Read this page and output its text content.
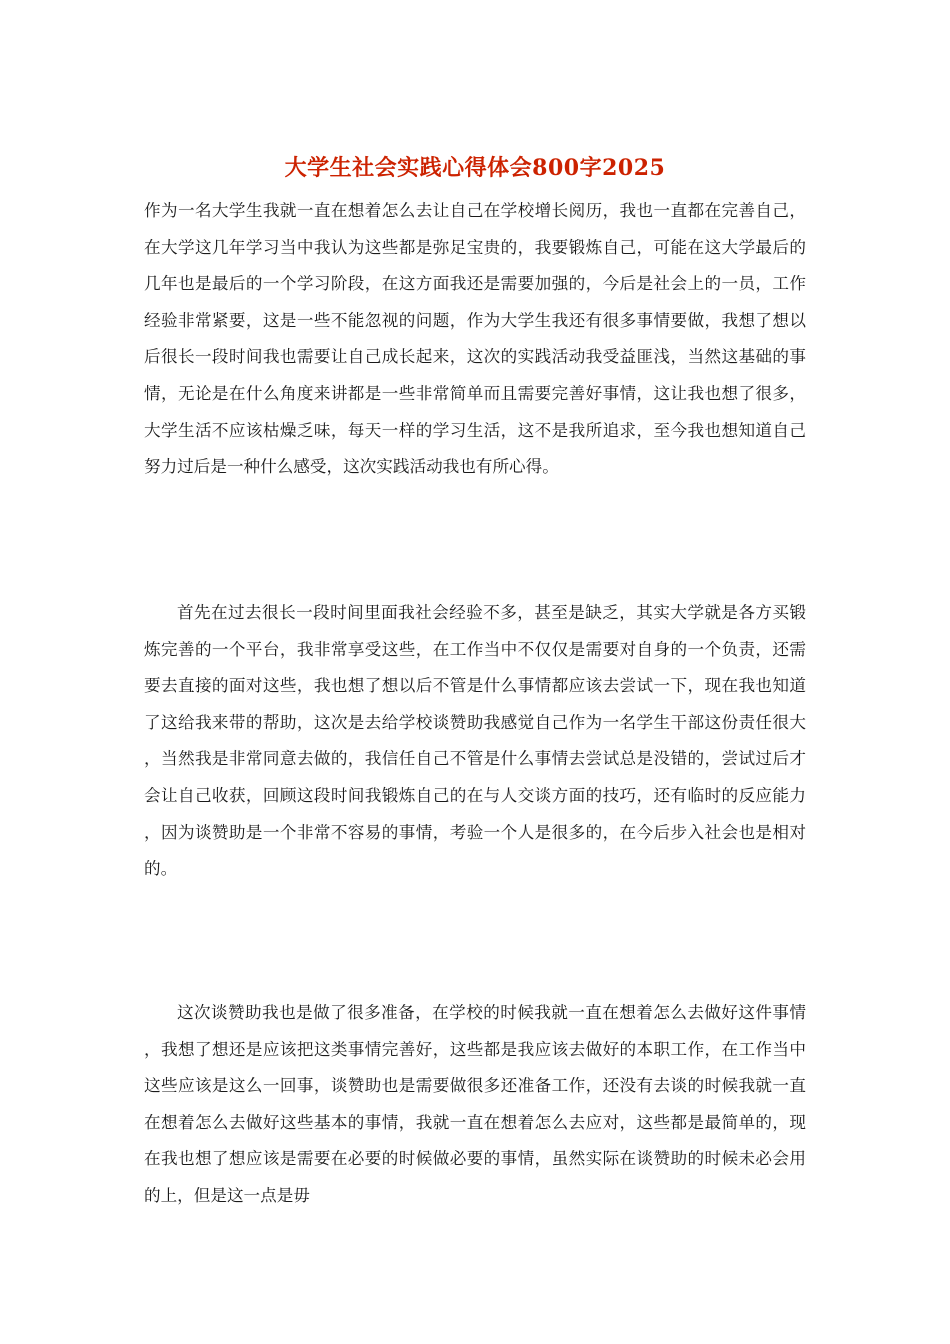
大学生社会实践心得体会800字2025

作为一名大学生我就一直在想着怎么去让自己在学校增长阅历，我也一直都在完善自己，在大学这几年学习当中我认为这些都是弥足宝贵的，我要锻炼自己，可能在这大学最后的几年也是最后的一个学习阶段，在这方面我还是需要加强的，今后是社会上的一员，工作经验非常紧要，这是一些不能忽视的问题，作为大学生我还有很多事情要做，我想了想以后很长一段时间我也需要让自己成长起来，这次的实践活动我受益匪浅，当然这基础的事情，无论是在什么角度来讲都是一些非常简单而且需要完善好事情，这让我也想了很多，大学生活不应该枯燥乏味，每天一样的学习生活，这不是我所追求，至今我也想知道自己努力过后是一种什么感受，这次实践活动我也有所心得。

首先在过去很长一段时间里面我社会经验不多，甚至是缺乏，其实大学就是各方买锻炼完善的一个平台，我非常享受这些，在工作当中不仅仅是需要对自身的一个负责，还需要去直接的面对这些，我也想了想以后不管是什么事情都应该去尝试一下，现在我也知道了这给我来带的帮助，这次是去给学校谈赞助我感觉自己作为一名学生干部这份责任很大，当然我是非常同意去做的，我信任自己不管是什么事情去尝试总是没错的，尝试过后才会让自己收获，回顾这段时间我锻炼自己的在与人交谈方面的技巧，还有临时的反应能力，因为谈赞助是一个非常不容易的事情，考验一个人是很多的，在今后步入社会也是相对的。

这次谈赞助我也是做了很多准备，在学校的时候我就一直在想着怎么去做好这件事情，我想了想还是应该把这类事情完善好，这些都是我应该去做好的本职工作，在工作当中这些应该是这么一回事，谈赞助也是需要做很多还准备工作，还没有去谈的时候我就一直在想着怎么去做好这些基本的事情，我就一直在想着怎么去应对，这些都是最简单的，现在我也想了想应该是需要在必要的时候做必要的事情，虽然实际在谈赞助的时候未必会用的上，但是这一点是毋
